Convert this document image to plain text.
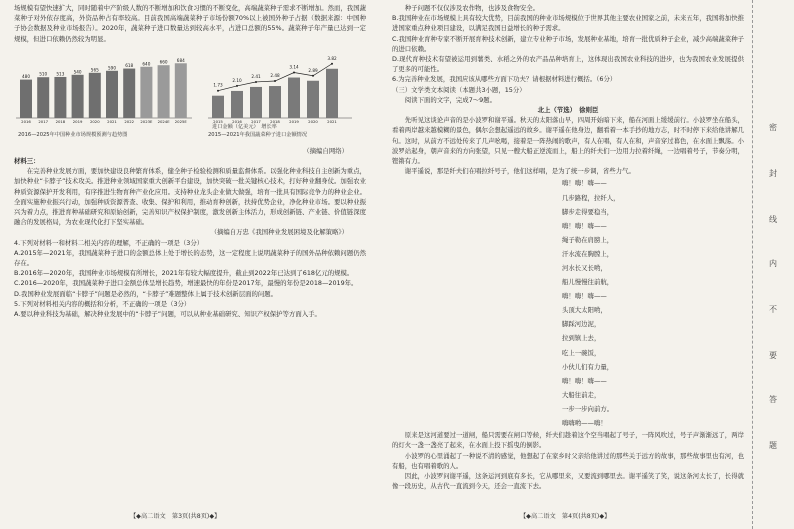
场规模有望快速扩大，同时随着中产阶级人数的不断增加和饮食习惯的不断变化，高端蔬菜种子需求不断增加。然而，我国蔬菜种子对外依存度高，外资品种占有率较高。目前我国高端蔬菜种子市场份额70%以上被国外种子占据（数据来源：中国种子协会数据及种业市场报告）。2020年，蔬菜种子进口数量达到较高水平，占进口总额的55%。蔬菜种子年产量已达到一定规模，但进口依赖仍然较为明显。

480
2016
510
2017
513
2018
540
2019
565
2020
590
2021
618
2022
640
2023E
660
2024E
684
2025E
1.73
2015
2.10
2016
2.41
2017
2.48
2018
3.14
2019
2.89
2020
3.82
2021
2016—2025年中国种业市场规模预测与趋势图	2015—2021年我国蔬菜种子进口金额情况
进口金额（亿美元）　 增长率

（摘编自网络）

材料三：

在完善种业发展方面，要加快建设良种繁育体系，健全种子检验检测和质量监督体系。以强化种业科技自主创新为重点，加快种业“卡脖子”技术攻关。推进种业领域国家重大创新平台建设，加快突破一批关键核心技术，打好种业翻身仗。加强农业种质资源保护开发利用，有序推进生物育种产业化应用。支持种业龙头企业做大做强，培育一批具有国际竞争力的种业企业。全面实施种业振兴行动，加强种质资源普查、收集、保护和利用，推动育种创新，扶持优势企业，净化种业市场。要以种业振兴为着力点，推进育种基础研究和原始创新，完善知识产权保护制度，激发创新主体活力，形成创新链、产业链、价值链深度融合的发展格局，为农业现代化打下坚实基础。

（摘编自万忠《我国种业发展困境及化解策略》）

4.下列对材料一和材料二相关内容的理解，不正确的一项是（3分）

A.2015年—2021年，我国蔬菜种子进口的金额总体上处于增长的态势，这一定程度上说明蔬菜种子的国外品种依赖问题仍然存在。

B.2016年—2020年，我国种业市场规模有所增长，2021年有较大幅度提升，截止到2022年已达到了618亿元的规模。

C.2016—2020年，我国蔬菜种子进口金额总体呈增长趋势，增速最快的年份是2017年，最慢的年份是2018—2019年。

D.我国种业发展面临“卡脖子”问题是必然的，“卡脖子”难题整体上属于技术创新层面的问题。

5.下列对材料相关内容的概括和分析，不正确的一项是（3分）

A.要以种业科技为基础，解决种业发展中的“卡脖子”问题，可以从种业基础研究、知识产权保护等方面入手。

【◆高二语文　第3页(共8页)◆】

种子问题不仅仅涉及农作物，也涉及食物安全。

B.我国种业在市场规模上具有较大优势，目前我国的种业市场规模位于世界其他主要农业国家之前，未来五年，我国将加快推进国家重点种业项目建设，以满足我国日益增长的种子需求。

C.我国种业育种专家不断开展育种技术创新，建立专业种子市场，发展种业基地，培育一批优质种子企业，减少高端蔬菜种子的进口依赖。

D.现代育种技术有望被运用到薯类、水稻之外的农产品品种培育上，这体现出我国农业科技的进步，也为我国农业发展提供了更多的可能性。

6.为完善种业发展，我国应该从哪些方面下功夫？请根据材料进行概括。（6分）

（三）文学类文本阅读（本题共3小题，15分）

阅读下面的文字，完成7～9题。

北上（节选）　徐则臣

先听见这谈论声音的是小波罗和谢平遥。秋天的太阳落山早，四周开始暗下来，船在河面上缓缓前行。小波罗坐在船头，看着两岸越来越模糊的景色，偶尔会想起遥远的故乡。谢平遥在他身边，翻看着一本手抄的地方志，时不时停下来给他讲解几句。这时，从前方不远处传来了几声吆喝，接着是一阵热闹的歌声，有人在唱，有人在和，声音穿过暮色，在水面上飘荡。小波罗站起身，朝声音来的方向张望，只见一艘大船正逆流而上，船上的纤夫们一边用力拉着纤绳，一边唱着号子，节奏分明，铿锵有力。

谢平遥说，那是纤夫们在唱拉纤号子，他们这样唱，是为了统一步调，省些力气。

嗨！嗨！嗨——

几步路程，拉纤人，

脚步走得要稳当，

嗨！嗨！嗨——

绳子勒在肩膀上，

汗水流在胸膛上，

河水长又长哟，

船儿慢慢往前航，

嗨！嗨！嗨——

头顶大太阳哟，

脚踩河边泥，

拉到镇上去，

吃上一碗饭，

小伙儿们有力量，

嗨！嗨！嗨——

大船往前走，

一步一步向前方。

嗨嗨哟——嗨！

原来是这河道要过一道闸，船只需要在闸口等候，纤夫们趁着这个空当唱起了号子，一阵风吹过，号子声渐渐远了，两岸的灯火一盏一盏亮了起来，在水面上投下摇曳的倒影。

小波罗的心里涌起了一种说不清的感觉，他想起了在家乡时父亲给他讲过的那些关于远方的故事，那些故事里也有河，也有船，也有唱着歌的人。

因此，小波罗问谢平遥，这条运河到底有多长，它从哪里来，又要流到哪里去。谢平遥笑了笑，说这条河太长了，长得就像一段历史，从古代一直流到今天，还会一直流下去。

【◆高二语文　第4页(共8页)◆】
密
封
线
内
不
要
答
题
